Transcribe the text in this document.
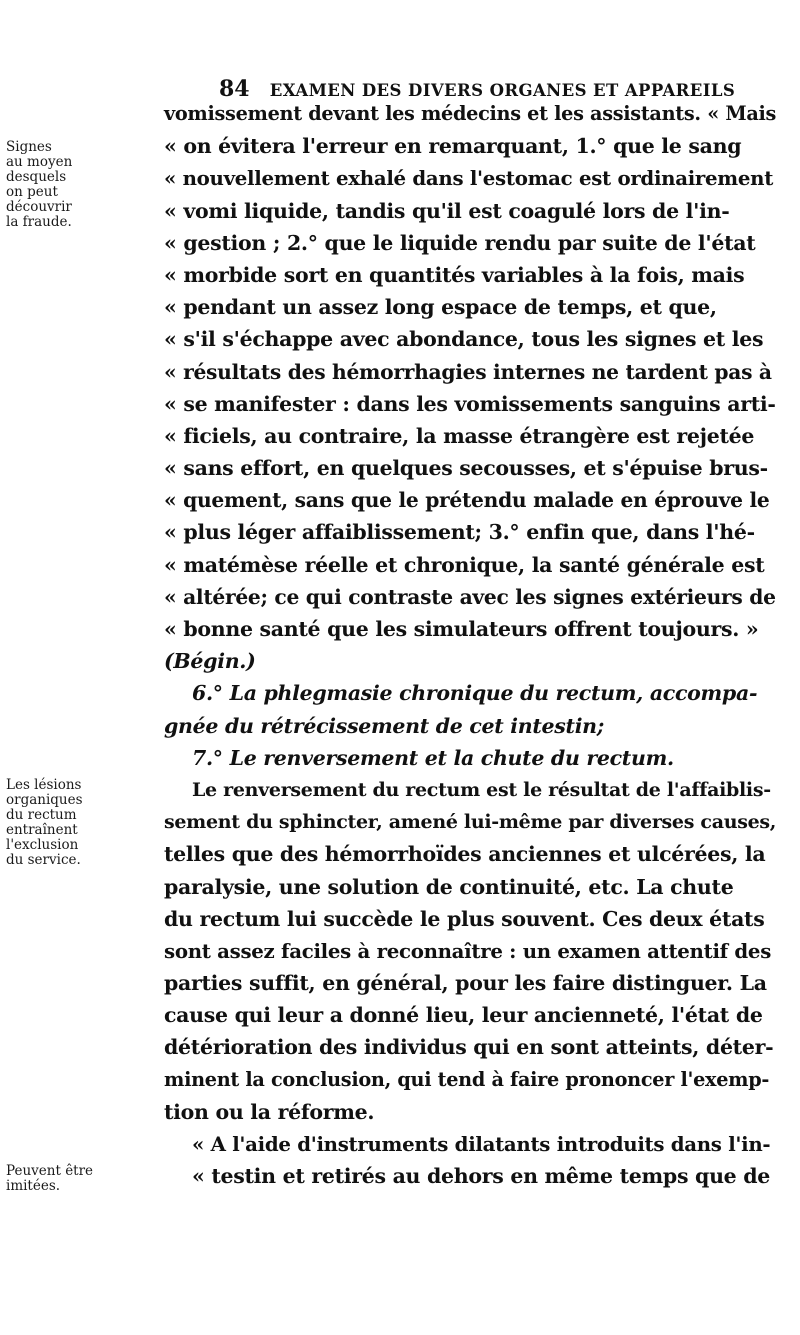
84 EXAMEN DES DIVERS ORGANES ET APPAREILS
Signes
au moyen
desquels
on peut
découvrir
la fraude.
Les lésions
organiques
du rectum
entraînent
l'exclusion
du service.
Peuvent être
imitées.
vomissement devant les médecins et les assistants. « Mais
« on évitera l'erreur en remarquant, 1.° que le sang
« nouvellement exhalé dans l'estomac est ordinairement
« vomi liquide, tandis qu'il est coagulé lors de l'in-
« gestion ; 2.° que le liquide rendu par suite de l'état
« morbide sort en quantités variables à la fois, mais
« pendant un assez long espace de temps, et que,
« s'il s'échappe avec abondance, tous les signes et les
« résultats des hémorrhagies internes ne tardent pas à
« se manifester : dans les vomissements sanguins arti-
« ficiels, au contraire, la masse étrangère est rejetée
« sans effort, en quelques secousses, et s'épuise brus-
« quement, sans que le prétendu malade en éprouve le
« plus léger affaiblissement; 3.° enfin que, dans l'hé-
« matémèse réelle et chronique, la santé générale est
« altérée; ce qui contraste avec les signes extérieurs de
« bonne santé que les simulateurs offrent toujours. »
(Bégin.)
6.° La phlegmasie chronique du rectum, accompa-
gnée du rétrécissement de cet intestin;
7.° Le renversement et la chute du rectum.
Le renversement du rectum est le résultat de l'affaiblis-
sement du sphincter, amené lui-même par diverses causes,
telles que des hémorrhoïdes anciennes et ulcérées, la
paralysie, une solution de continuité, etc. La chute
du rectum lui succède le plus souvent. Ces deux états
sont assez faciles à reconnaître : un examen attentif des
parties suffit, en général, pour les faire distinguer. La
cause qui leur a donné lieu, leur ancienneté, l'état de
détérioration des individus qui en sont atteints, déter-
minent la conclusion, qui tend à faire prononcer l'exemp-
tion ou la réforme.
« A l'aide d'instruments dilatants introduits dans l'in-
« testin et retirés au dehors en même temps que de
